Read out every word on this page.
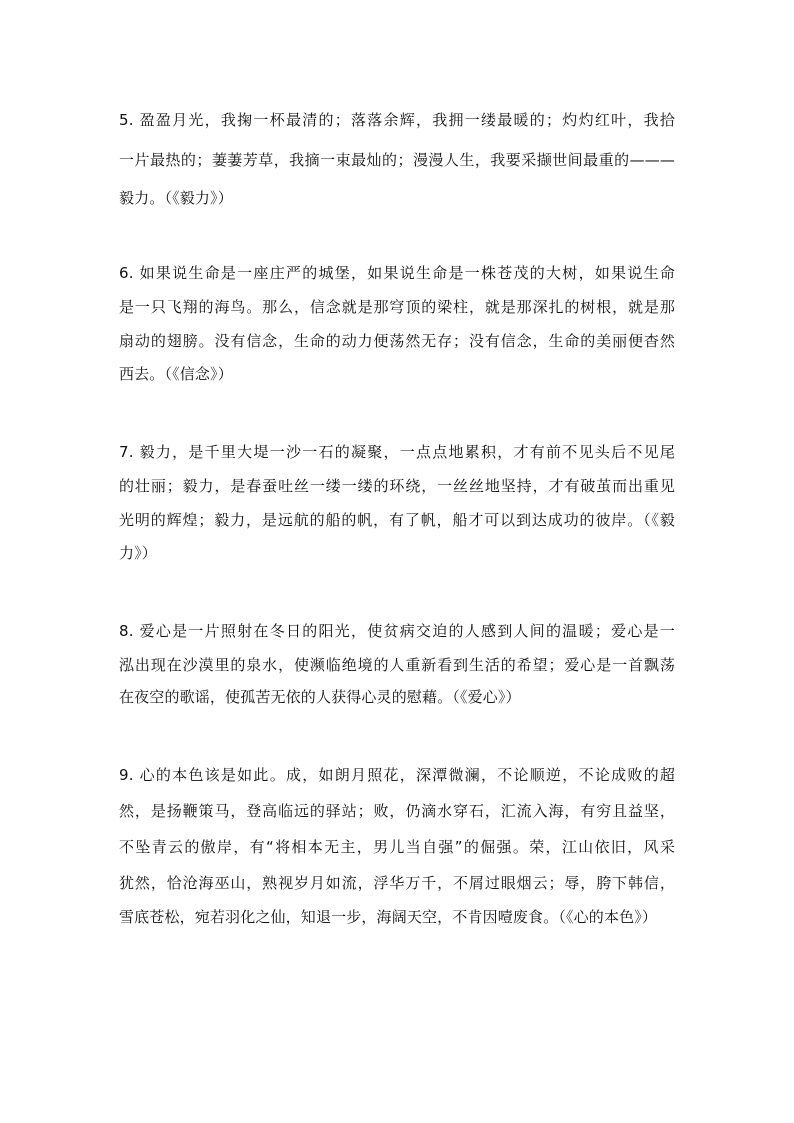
5. 盈盈月光，我掬一杯最清的；落落余辉，我拥一缕最暖的；灼灼红叶，我拾
一片最热的；萋萋芳草，我摘一束最灿的；漫漫人生，我要采撷世间最重的———
毅力。（《毅力》）
6. 如果说生命是一座庄严的城堡，如果说生命是一株苍茂的大树，如果说生命
是一只飞翔的海鸟。那么，信念就是那穹顶的梁柱，就是那深扎的树根，就是那
扇动的翅膀。没有信念，生命的动力便荡然无存；没有信念，生命的美丽便杳然
西去。（《信念》）
7. 毅力，是千里大堤一沙一石的凝聚，一点点地累积，才有前不见头后不见尾
的壮丽；毅力，是春蚕吐丝一缕一缕的环绕，一丝丝地坚持，才有破茧而出重见
光明的辉煌；毅力，是远航的船的帆，有了帆，船才可以到达成功的彼岸。（《毅
力》）
8. 爱心是一片照射在冬日的阳光，使贫病交迫的人感到人间的温暖；爱心是一
泓出现在沙漠里的泉水，使濒临绝境的人重新看到生活的希望；爱心是一首飘荡
在夜空的歌谣，使孤苦无依的人获得心灵的慰藉。（《爱心》）
9. 心的本色该是如此。成，如朗月照花，深潭微澜，不论顺逆，不论成败的超
然，是扬鞭策马，登高临远的驿站；败，仍滴水穿石，汇流入海，有穷且益坚，
不坠青云的傲岸，有“将相本无主，男儿当自强”的倔强。荣，江山依旧，风采
犹然，恰沧海巫山，熟视岁月如流，浮华万千，不屑过眼烟云；辱，胯下韩信，
雪底苍松，宛若羽化之仙，知退一步，海阔天空，不肯因噎废食。（《心的本色》）
